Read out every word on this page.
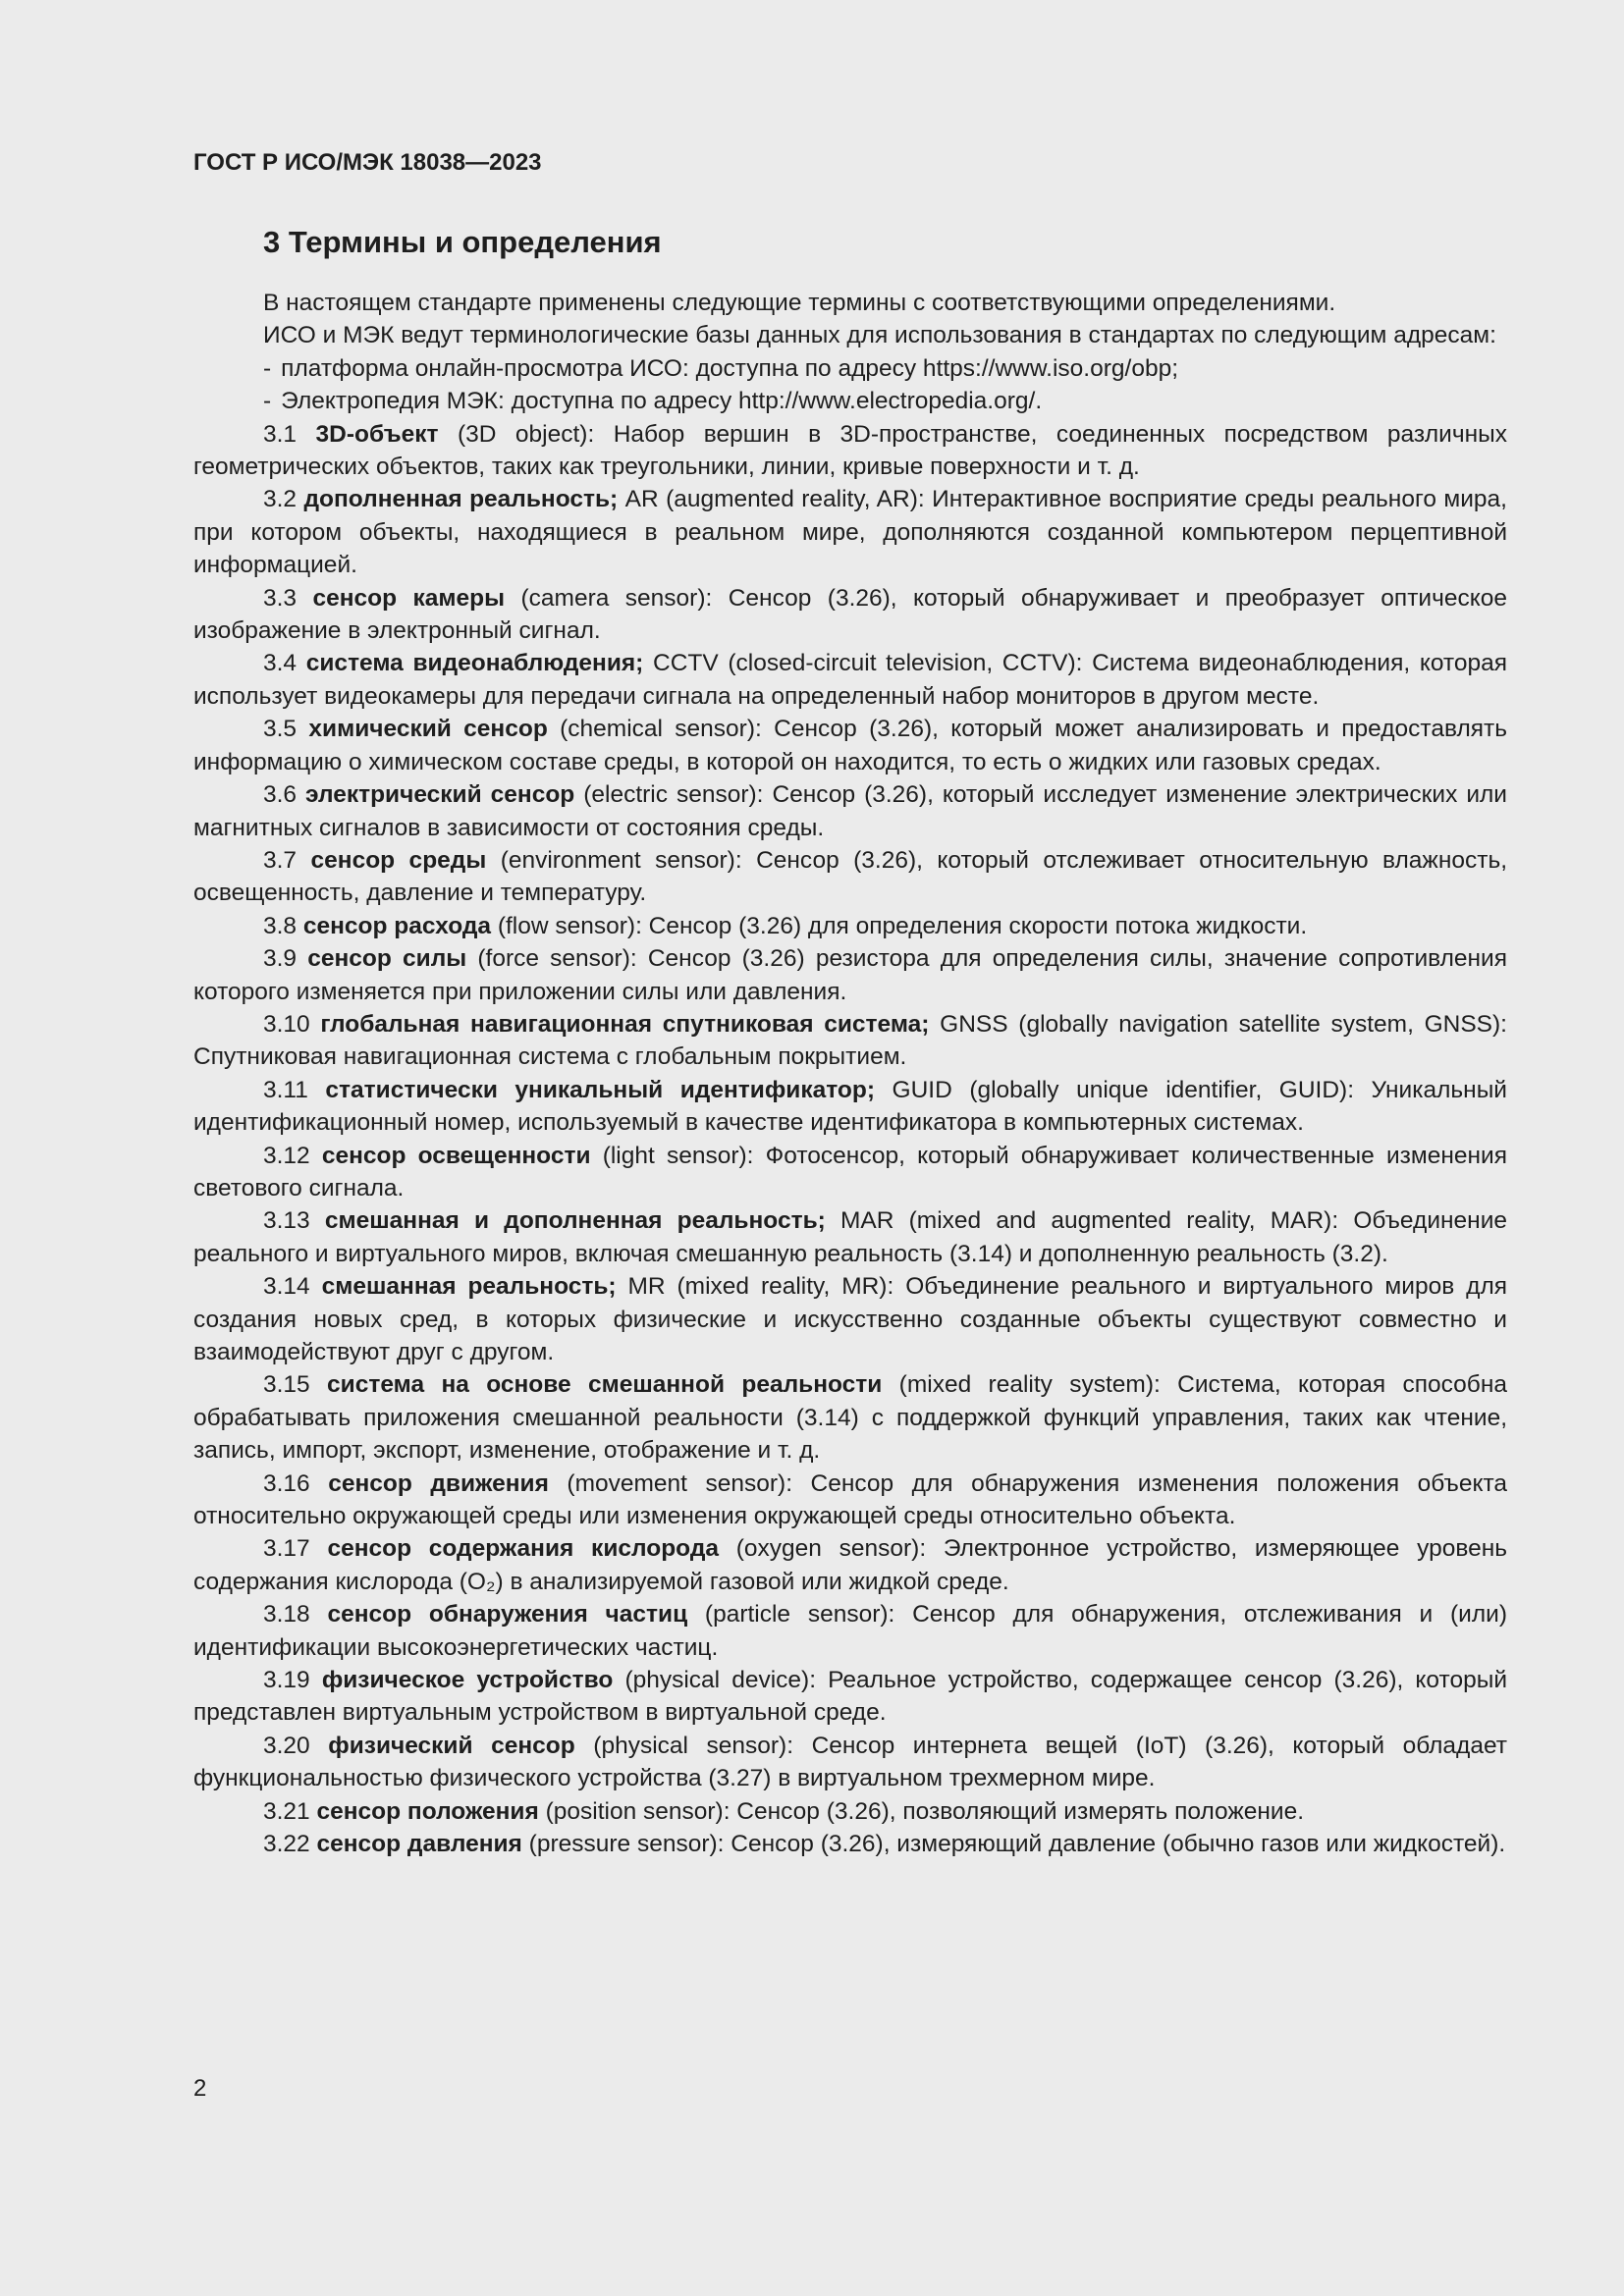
ГОСТ Р ИСО/МЭК 18038—2023
3 Термины и определения

В настоящем стандарте применены следующие термины с соответствующими определениями.

ИСО и МЭК ведут терминологические базы данных для использования в стандартах по следующим адресам:

- платформа онлайн-просмотра ИСО: доступна по адресу https://www.iso.org/obp;

- Электропедия МЭК: доступна по адресу http://www.electropedia.org/.

3.1 3D-объект (3D object): Набор вершин в 3D-пространстве, соединенных посредством различных геометрических объектов, таких как треугольники, линии, кривые поверхности и т. д.

3.2 дополненная реальность; AR (augmented reality, AR): Интерактивное восприятие среды реального мира, при котором объекты, находящиеся в реальном мире, дополняются созданной компьютером перцептивной информацией.

3.3 сенсор камеры (camera sensor): Сенсор (3.26), который обнаруживает и преобразует оптическое изображение в электронный сигнал.

3.4 система видеонаблюдения; CCTV (closed-circuit television, CCTV): Система видеонаблюдения, которая использует видеокамеры для передачи сигнала на определенный набор мониторов в другом месте.

3.5 химический сенсор (chemical sensor): Сенсор (3.26), который может анализировать и предоставлять информацию о химическом составе среды, в которой он находится, то есть о жидких или газовых средах.

3.6 электрический сенсор (electric sensor): Сенсор (3.26), который исследует изменение электрических или магнитных сигналов в зависимости от состояния среды.

3.7 сенсор среды (environment sensor): Сенсор (3.26), который отслеживает относительную влажность, освещенность, давление и температуру.

3.8 сенсор расхода (flow sensor): Сенсор (3.26) для определения скорости потока жидкости.

3.9 сенсор силы (force sensor): Сенсор (3.26) резистора для определения силы, значение сопротивления которого изменяется при приложении силы или давления.

3.10 глобальная навигационная спутниковая система; GNSS (globally navigation satellite system, GNSS): Спутниковая навигационная система с глобальным покрытием.

3.11 статистически уникальный идентификатор; GUID (globally unique identifier, GUID): Уникальный идентификационный номер, используемый в качестве идентификатора в компьютерных системах.

3.12 сенсор освещенности (light sensor): Фотосенсор, который обнаруживает количественные изменения светового сигнала.

3.13 смешанная и дополненная реальность; MAR (mixed and augmented reality, MAR): Объединение реального и виртуального миров, включая смешанную реальность (3.14) и дополненную реальность (3.2).

3.14 смешанная реальность; MR (mixed reality, MR): Объединение реального и виртуального миров для создания новых сред, в которых физические и искусственно созданные объекты существуют совместно и взаимодействуют друг с другом.

3.15 система на основе смешанной реальности (mixed reality system): Система, которая способна обрабатывать приложения смешанной реальности (3.14) с поддержкой функций управления, таких как чтение, запись, импорт, экспорт, изменение, отображение и т. д.

3.16 сенсор движения (movement sensor): Сенсор для обнаружения изменения положения объекта относительно окружающей среды или изменения окружающей среды относительно объекта.

3.17 сенсор содержания кислорода (oxygen sensor): Электронное устройство, измеряющее уровень содержания кислорода (O₂) в анализируемой газовой или жидкой среде.

3.18 сенсор обнаружения частиц (particle sensor): Сенсор для обнаружения, отслеживания и (или) идентификации высокоэнергетических частиц.

3.19 физическое устройство (physical device): Реальное устройство, содержащее сенсор (3.26), который представлен виртуальным устройством в виртуальной среде.

3.20 физический сенсор (physical sensor): Сенсор интернета вещей (IoT) (3.26), который обладает функциональностью физического устройства (3.27) в виртуальном трехмерном мире.

3.21 сенсор положения (position sensor): Сенсор (3.26), позволяющий измерять положение.

3.22 сенсор давления (pressure sensor): Сенсор (3.26), измеряющий давление (обычно газов или жидкостей).

2
